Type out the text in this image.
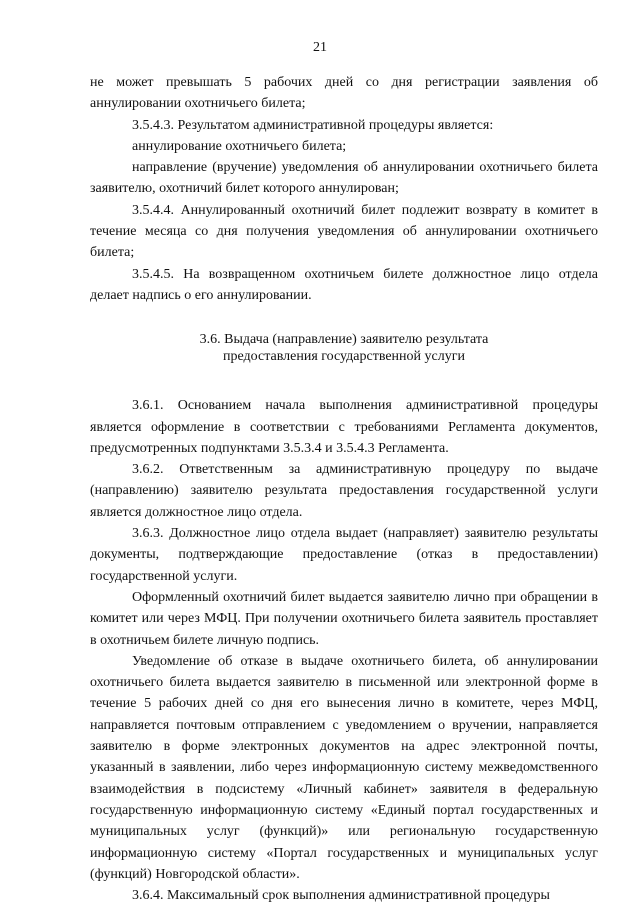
21

не может превышать 5 рабочих дней со дня регистрации заявления об аннулировании охотничьего билета;

3.5.4.3. Результатом административной процедуры является:

аннулирование охотничьего билета;

направление (вручение) уведомления об аннулировании охотничьего билета заявителю, охотничий билет которого аннулирован;

3.5.4.4. Аннулированный охотничий билет подлежит возврату в комитет в течение месяца со дня получения уведомления об аннулировании охотничьего билета;

3.5.4.5. На возвращенном охотничьем билете должностное лицо отдела делает надпись о его аннулировании.

3.6. Выдача (направление) заявителю результата
предоставления государственной услуги

3.6.1. Основанием начала выполнения административной процедуры является оформление в соответствии с требованиями Регламента документов, предусмотренных подпунктами 3.5.3.4 и 3.5.4.3 Регламента.

3.6.2. Ответственным за административную процедуру по выдаче (направлению) заявителю результата предоставления государственной услуги является должностное лицо отдела.

3.6.3. Должностное лицо отдела выдает (направляет) заявителю результаты документы, подтверждающие предоставление (отказ в предоставлении) государственной услуги.

Оформленный охотничий билет выдается заявителю лично при обращении в комитет или через МФЦ. При получении охотничьего билета заявитель проставляет в охотничьем билете личную подпись.

Уведомление об отказе в выдаче охотничьего билета, об аннулировании охотничьего билета выдается заявителю в письменной или электронной форме в течение 5 рабочих дней со дня его вынесения лично в комитете, через МФЦ, направляется почтовым отправлением с уведомлением о вручении, направляется заявителю в форме электронных документов на адрес электронной почты, указанный в заявлении, либо через информационную систему межведомственного взаимодействия в подсистему «Личный кабинет» заявителя в федеральную государственную информационную систему «Единый портал государственных и муниципальных услуг (функций)» или региональную государственную информационную систему «Портал государственных и муниципальных услуг (функций) Новгородской области».

3.6.4. Максимальный срок выполнения административной процедуры
